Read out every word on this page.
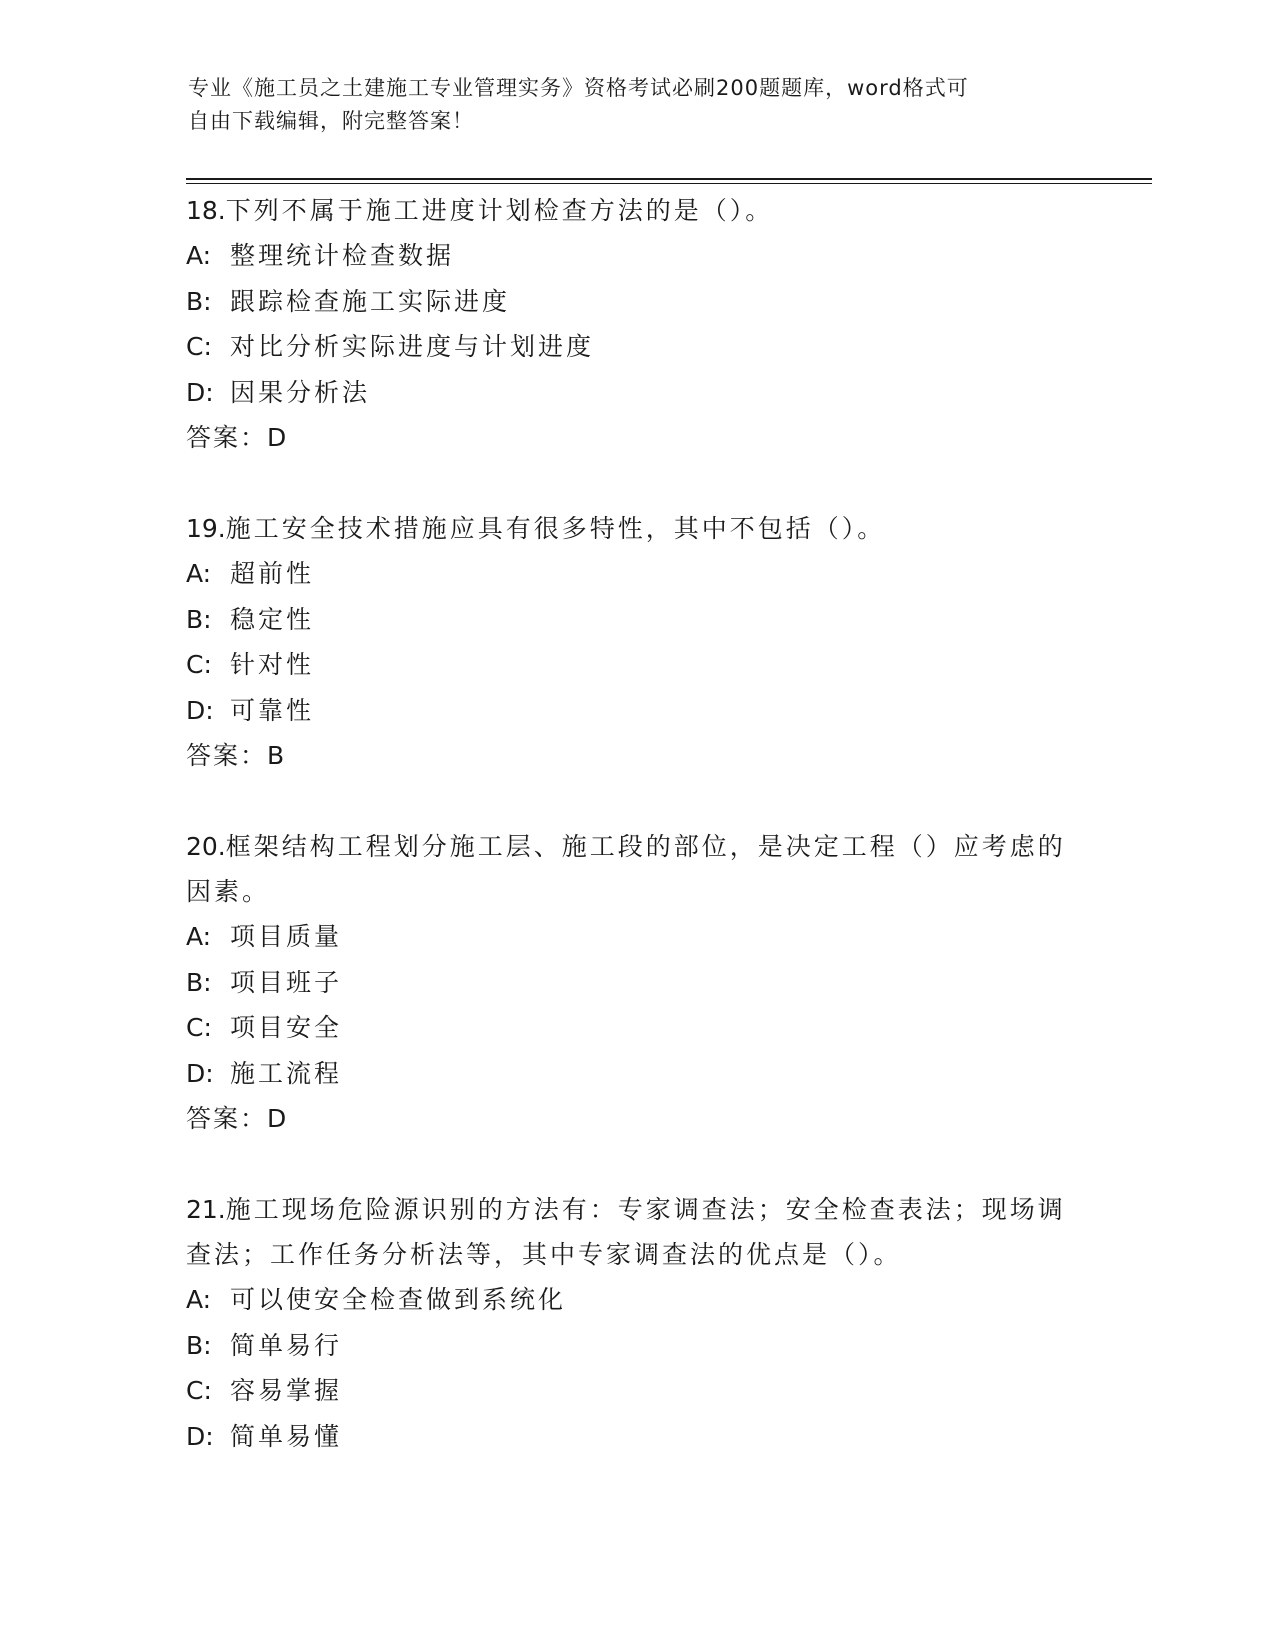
专业《施工员之土建施工专业管理实务》资格考试必刷200题题库，word格式可
自由下载编辑，附完整答案！

18.下列不属于施工进度计划检查方法的是（）。

A: 整理统计检查数据

B: 跟踪检查施工实际进度

C: 对比分析实际进度与计划进度

D: 因果分析法

答案：D

19.施工安全技术措施应具有很多特性，其中不包括（）。

A: 超前性

B: 稳定性

C: 针对性

D: 可靠性

答案：B

20.框架结构工程划分施工层、施工段的部位，是决定工程（）应考虑的因素。

A: 项目质量

B: 项目班子

C: 项目安全

D: 施工流程

答案：D

21.施工现场危险源识别的方法有：专家调查法；安全检查表法；现场调查法；工作任务分析法等，其中专家调查法的优点是（）。

A: 可以使安全检查做到系统化

B: 简单易行

C: 容易掌握

D: 简单易懂
